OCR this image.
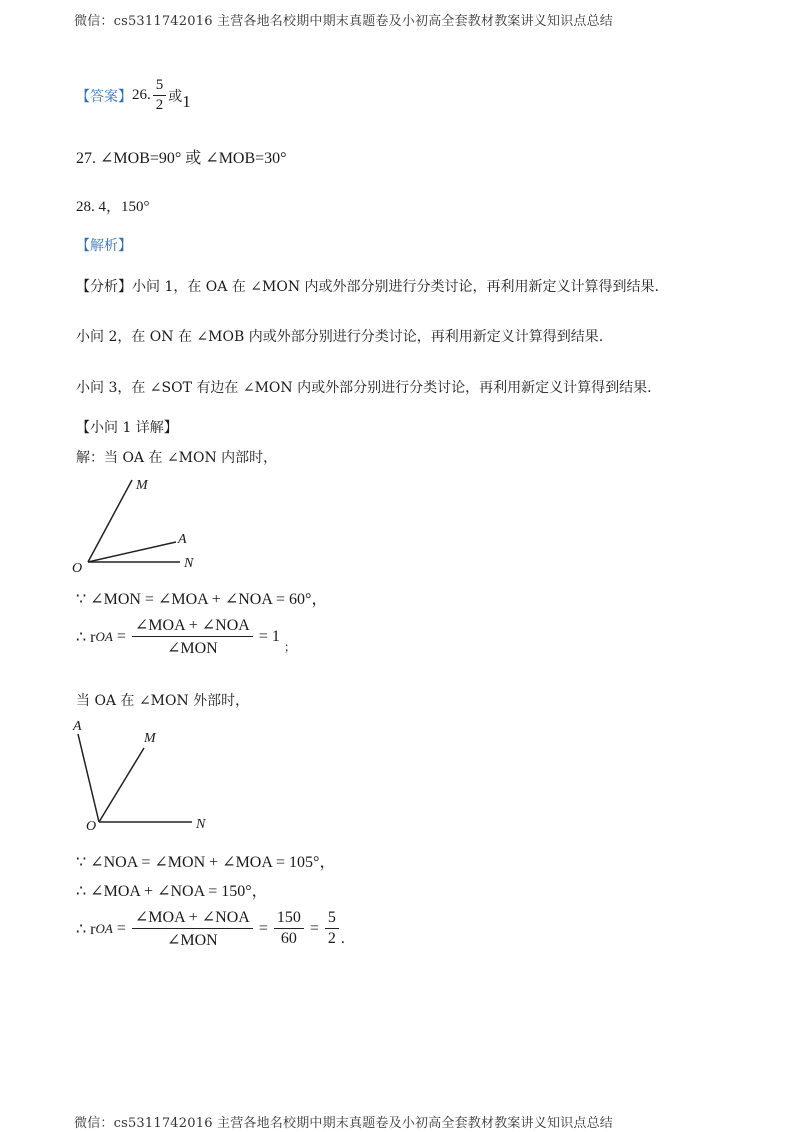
微信：cs5311742016 主营各地名校期中期末真题卷及小初高全套教材教案讲义知识点总结
【答案】 26. $\frac{5}{2}$ 或 1
27. ∠MOB=90° 或 ∠MOB=30°
28. 4，150°
【解析】
【分析】小问 1，在 OA 在 ∠MON 内或外部分别进行分类讨论，再利用新定义计算得到结果.
小问 2，在 ON 在 ∠MOB 内或外部分别进行分类讨论，再利用新定义计算得到结果.
小问 3，在 ∠SOT 有边在 ∠MON 内或外部分别进行分类讨论，再利用新定义计算得到结果.
【小问 1 详解】
解：当 OA 在 ∠MON 内部时，
M
A
N
O
∵ ∠MON = ∠MOA + ∠NOA = 60°，
∴ r OA = $\frac{\text{∠MOA + ∠NOA}}{\text{∠MON}} = 1$
；
当 OA 在 ∠MON 外部时，
A
M
O	N
∵ ∠NOA = ∠MON + ∠MOA = 105°，
∴ ∠MOA + ∠NOA = 150°，
∴ r OA = $\frac{\text{∠MOA + ∠NOA}}{\text{∠MON}} = \frac{150}{60} = \frac{5}{2}$ .
微信：cs5311742016 主营各地名校期中期末真题卷及小初高全套教材教案讲义知识点总结
